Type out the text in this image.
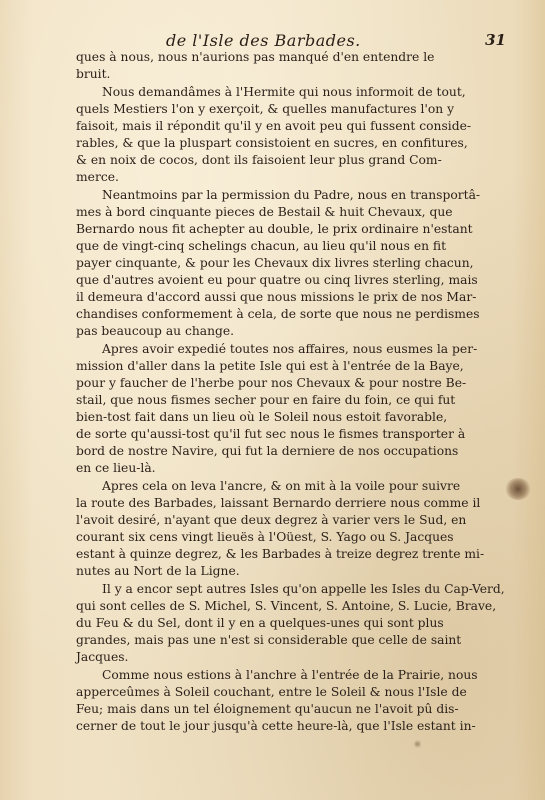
de l'Isle des Barbades.	31
ques à nous, nous n'aurions pas manqué d'en entendre le
bruit.
Nous demandâmes à l'Hermite qui nous informoit de tout,
quels Mestiers l'on y exerçoit, & quelles manufactures l'on y
faisoit, mais il répondit qu'il y en avoit peu qui fussent conside-
rables, & que la pluspart consistoient en sucres, en confitures,
& en noix de cocos, dont ils faisoient leur plus grand Com-
merce.
Neantmoins par la permission du Padre, nous en transportâ-
mes à bord cinquante pieces de Bestail & huit Chevaux, que
Bernardo nous fit achepter au double, le prix ordinaire n'estant
que de vingt-cinq schelings chacun, au lieu qu'il nous en fit
payer cinquante, & pour les Chevaux dix livres sterling chacun,
que d'autres avoient eu pour quatre ou cinq livres sterling, mais
il demeura d'accord aussi que nous missions le prix de nos Mar-
chandises conformement à cela, de sorte que nous ne perdismes
pas beaucoup au change.
Apres avoir expedié toutes nos affaires, nous eusmes la per-
mission d'aller dans la petite Isle qui est à l'entrée de la Baye,
pour y faucher de l'herbe pour nos Chevaux & pour nostre Be-
stail, que nous fismes secher pour en faire du foin, ce qui fut
bien-tost fait dans un lieu où le Soleil nous estoit favorable,
de sorte qu'aussi-tost qu'il fut sec nous le fismes transporter à
bord de nostre Navire, qui fut la derniere de nos occupations
en ce lieu-là.
Apres cela on leva l'ancre, & on mit à la voile pour suivre
la route des Barbades, laissant Bernardo derriere nous comme il
l'avoit desiré, n'ayant que deux degrez à varier vers le Sud, en
courant six cens vingt lieuës à l'Oüest, S. Yago ou S. Jacques
estant à quinze degrez, & les Barbades à treize degrez trente mi-
nutes au Nort de la Ligne.
Il y a encor sept autres Isles qu'on appelle les Isles du Cap-Verd,
qui sont celles de S. Michel, S. Vincent, S. Antoine, S. Lucie, Brave,
du Feu & du Sel, dont il y en a quelques-unes qui sont plus
grandes, mais pas une n'est si considerable que celle de saint
Jacques.
Comme nous estions à l'anchre à l'entrée de la Prairie, nous
apperceûmes à Soleil couchant, entre le Soleil & nous l'Isle de
Feu; mais dans un tel éloignement qu'aucun ne l'avoit pû dis-
cerner de tout le jour jusqu'à cette heure-là, que l'Isle estant in-
